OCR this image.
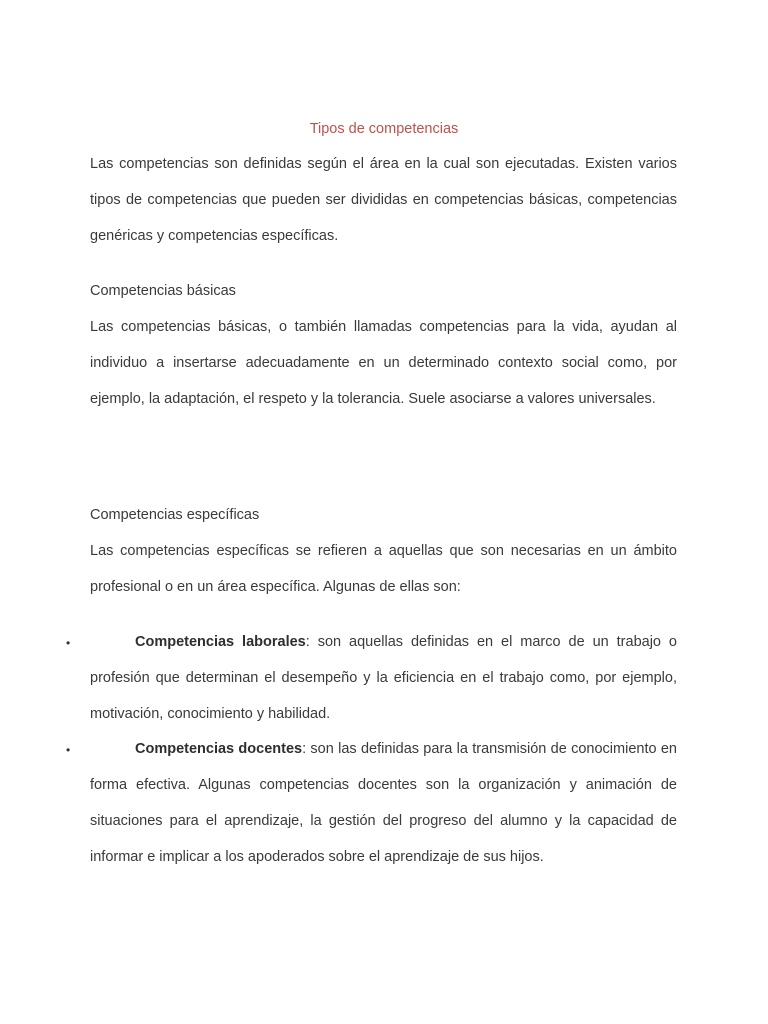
Tipos de competencias

Las competencias son definidas según el área en la cual son ejecutadas. Existen varios tipos de competencias que pueden ser divididas en competencias básicas, competencias genéricas y competencias específicas.

Competencias básicas

Las competencias básicas, o también llamadas competencias para la vida, ayudan al individuo a insertarse adecuadamente en un determinado contexto social como, por ejemplo, la adaptación, el respeto y la tolerancia. Suele asociarse a valores universales.

Competencias específicas

Las competencias específicas se refieren a aquellas que son necesarias en un ámbito profesional o en un área específica. Algunas de ellas son:

•	Competencias laborales: son aquellas definidas en el marco de un trabajo o profesión que determinan el desempeño y la eficiencia en el trabajo como, por ejemplo, motivación, conocimiento y habilidad.

•	Competencias docentes: son las definidas para la transmisión de conocimiento en forma efectiva. Algunas competencias docentes son la organización y animación de situaciones para el aprendizaje, la gestión del progreso del alumno y la capacidad de informar e implicar a los apoderados sobre el aprendizaje de sus hijos.
